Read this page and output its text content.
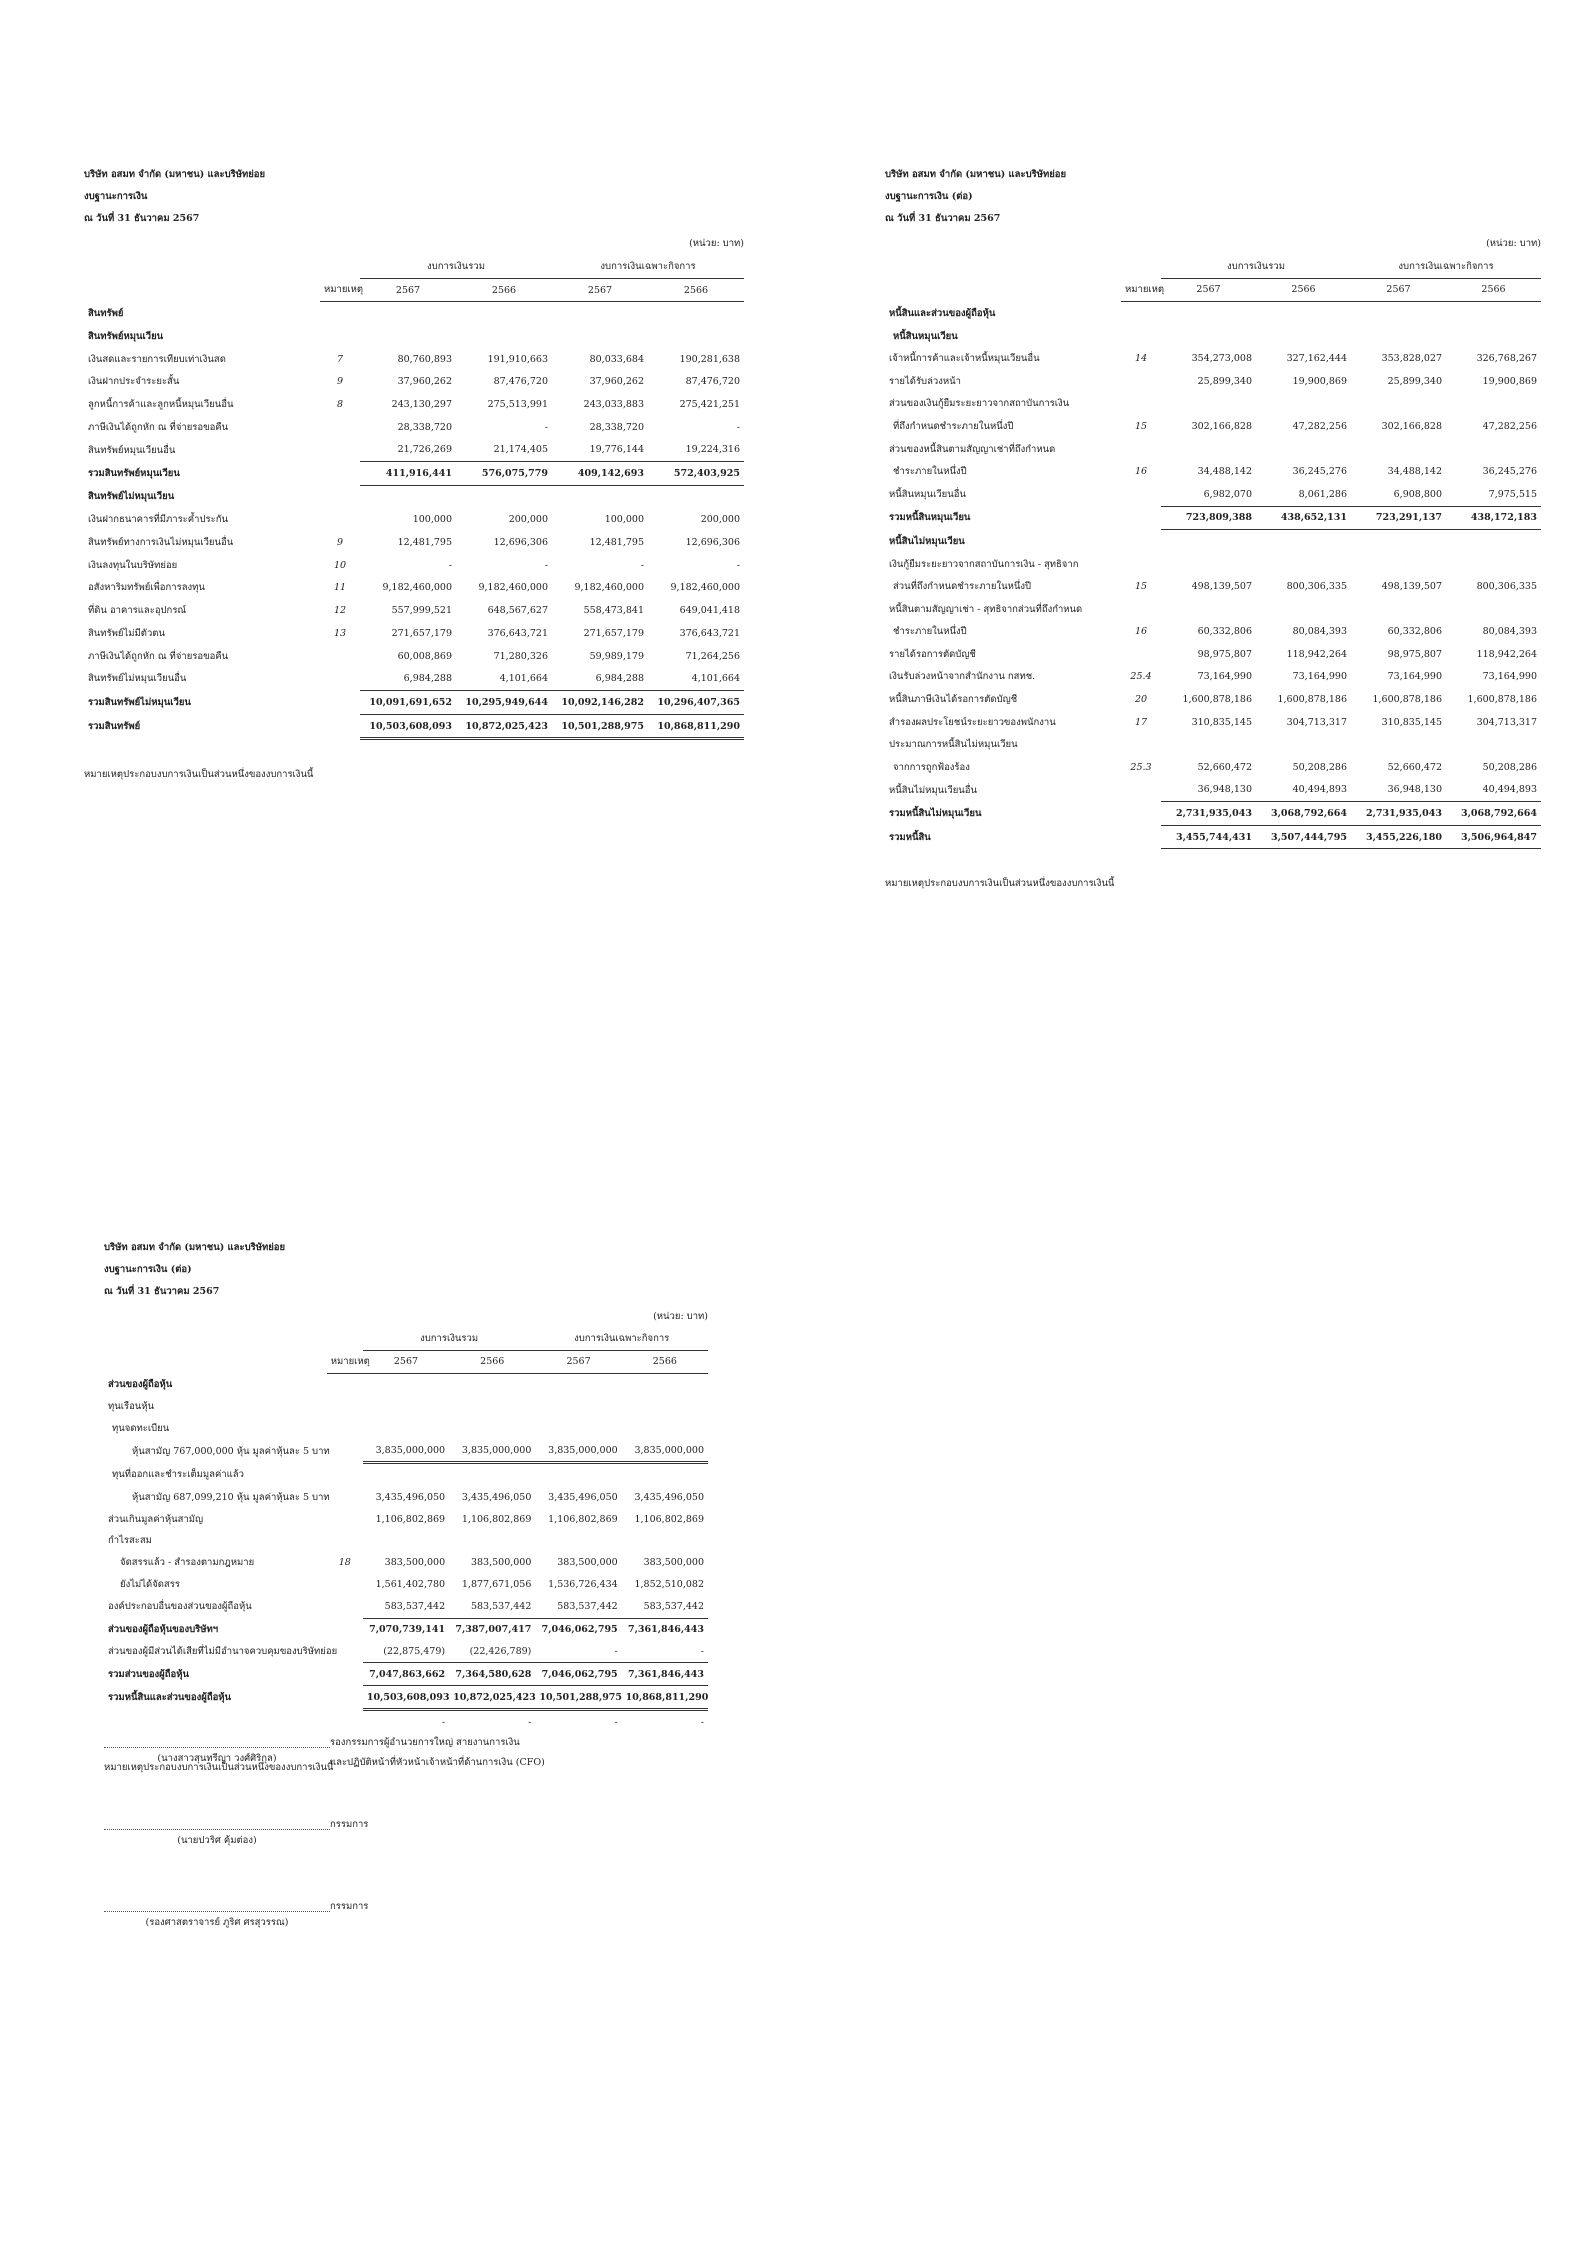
บริษัท อสมท จำกัด (มหาชน) และบริษัทย่อย
งบฐานะการเงิน
ณ วันที่ 31 ธันวาคม 2567
(หน่วย: บาท)
		งบการเงินรวม		งบการเงินเฉพาะกิจการ	
	หมายเหตุ	2567	2566	2567	2566
สินทรัพย์					
สินทรัพย์หมุนเวียน					
เงินสดและรายการเทียบเท่าเงินสด	7	80,760,893	191,910,663	80,033,684	190,281,638
เงินฝากประจำระยะสั้น	9	37,960,262	87,476,720	37,960,262	87,476,720
ลูกหนี้การค้าและลูกหนี้หมุนเวียนอื่น	8	243,130,297	275,513,991	243,033,883	275,421,251
ภาษีเงินได้ถูกหัก ณ ที่จ่ายรอขอคืน		28,338,720	-	28,338,720	-
สินทรัพย์หมุนเวียนอื่น		21,726,269	21,174,405	19,776,144	19,224,316
รวมสินทรัพย์หมุนเวียน		411,916,441	576,075,779	409,142,693	572,403,925
สินทรัพย์ไม่หมุนเวียน					
เงินฝากธนาคารที่มีภาระค้ำประกัน		100,000	200,000	100,000	200,000
สินทรัพย์ทางการเงินไม่หมุนเวียนอื่น	9	12,481,795	12,696,306	12,481,795	12,696,306
เงินลงทุนในบริษัทย่อย	10	-	-	-	-
อสังหาริมทรัพย์เพื่อการลงทุน	11	9,182,460,000	9,182,460,000	9,182,460,000	9,182,460,000
ที่ดิน อาคารและอุปกรณ์	12	557,999,521	648,567,627	558,473,841	649,041,418
สินทรัพย์ไม่มีตัวตน	13	271,657,179	376,643,721	271,657,179	376,643,721
ภาษีเงินได้ถูกหัก ณ ที่จ่ายรอขอคืน		60,008,869	71,280,326	59,989,179	71,264,256
สินทรัพย์ไม่หมุนเวียนอื่น		6,984,288	4,101,664	6,984,288	4,101,664
รวมสินทรัพย์ไม่หมุนเวียน		10,091,691,652	10,295,949,644	10,092,146,282	10,296,407,365
รวมสินทรัพย์		10,503,608,093	10,872,025,423	10,501,288,975	10,868,811,290
หมายเหตุประกอบงบการเงินเป็นส่วนหนึ่งของงบการเงินนี้
บริษัท อสมท จำกัด (มหาชน) และบริษัทย่อย
งบฐานะการเงิน (ต่อ)
ณ วันที่ 31 ธันวาคม 2567
(หน่วย: บาท)
		งบการเงินรวม		งบการเงินเฉพาะกิจการ	
	หมายเหตุ	2567	2566	2567	2566
หนี้สินและส่วนของผู้ถือหุ้น					
หนี้สินหมุนเวียน					
เจ้าหนี้การค้าและเจ้าหนี้หมุนเวียนอื่น	14	354,273,008	327,162,444	353,828,027	326,768,267
รายได้รับล่วงหน้า		25,899,340	19,900,869	25,899,340	19,900,869
ส่วนของเงินกู้ยืมระยะยาวจากสถาบันการเงิน					
ที่ถึงกำหนดชำระภายในหนึ่งปี	15	302,166,828	47,282,256	302,166,828	47,282,256
ส่วนของหนี้สินตามสัญญาเช่าที่ถึงกำหนด					
ชำระภายในหนึ่งปี	16	34,488,142	36,245,276	34,488,142	36,245,276
หนี้สินหมุนเวียนอื่น		6,982,070	8,061,286	6,908,800	7,975,515
รวมหนี้สินหมุนเวียน		723,809,388	438,652,131	723,291,137	438,172,183
หนี้สินไม่หมุนเวียน					
เงินกู้ยืมระยะยาวจากสถาบันการเงิน - สุทธิจาก					
ส่วนที่ถึงกำหนดชำระภายในหนึ่งปี	15	498,139,507	800,306,335	498,139,507	800,306,335
หนี้สินตามสัญญาเช่า - สุทธิจากส่วนที่ถึงกำหนด					
ชำระภายในหนึ่งปี	16	60,332,806	80,084,393	60,332,806	80,084,393
รายได้รอการตัดบัญชี		98,975,807	118,942,264	98,975,807	118,942,264
เงินรับล่วงหน้าจากสำนักงาน กสทช.	25.4	73,164,990	73,164,990	73,164,990	73,164,990
หนี้สินภาษีเงินได้รอการตัดบัญชี	20	1,600,878,186	1,600,878,186	1,600,878,186	1,600,878,186
สำรองผลประโยชน์ระยะยาวของพนักงาน	17	310,835,145	304,713,317	310,835,145	304,713,317
ประมาณการหนี้สินไม่หมุนเวียน					
จากการถูกฟ้องร้อง	25.3	52,660,472	50,208,286	52,660,472	50,208,286
หนี้สินไม่หมุนเวียนอื่น		36,948,130	40,494,893	36,948,130	40,494,893
รวมหนี้สินไม่หมุนเวียน		2,731,935,043	3,068,792,664	2,731,935,043	3,068,792,664
รวมหนี้สิน		3,455,744,431	3,507,444,795	3,455,226,180	3,506,964,847
หมายเหตุประกอบงบการเงินเป็นส่วนหนึ่งของงบการเงินนี้
บริษัท อสมท จำกัด (มหาชน) และบริษัทย่อย
งบฐานะการเงิน (ต่อ)
ณ วันที่ 31 ธันวาคม 2567
(หน่วย: บาท)
		งบการเงินรวม		งบการเงินเฉพาะกิจการ	
	หมายเหตุ	2567	2566	2567	2566
ส่วนของผู้ถือหุ้น					
ทุนเรือนหุ้น					
ทุนจดทะเบียน					
หุ้นสามัญ 767,000,000 หุ้น มูลค่าหุ้นละ 5 บาท		3,835,000,000	3,835,000,000	3,835,000,000	3,835,000,000
ทุนที่ออกและชำระเต็มมูลค่าแล้ว					
หุ้นสามัญ 687,099,210 หุ้น มูลค่าหุ้นละ 5 บาท		3,435,496,050	3,435,496,050	3,435,496,050	3,435,496,050
ส่วนเกินมูลค่าหุ้นสามัญ		1,106,802,869	1,106,802,869	1,106,802,869	1,106,802,869
กำไรสะสม					
จัดสรรแล้ว - สำรองตามกฎหมาย	18	383,500,000	383,500,000	383,500,000	383,500,000
ยังไม่ได้จัดสรร		1,561,402,780	1,877,671,056	1,536,726,434	1,852,510,082
องค์ประกอบอื่นของส่วนของผู้ถือหุ้น		583,537,442	583,537,442	583,537,442	583,537,442
ส่วนของผู้ถือหุ้นของบริษัทฯ		7,070,739,141	7,387,007,417	7,046,062,795	7,361,846,443
ส่วนของผู้มีส่วนได้เสียที่ไม่มีอำนาจควบคุมของบริษัทย่อย		(22,875,479)	(22,426,789)	-	-
รวมส่วนของผู้ถือหุ้น		7,047,863,662	7,364,580,628	7,046,062,795	7,361,846,443
รวมหนี้สินและส่วนของผู้ถือหุ้น		10,503,608,093	10,872,025,423	10,501,288,975	10,868,811,290
		-	-	-	-
หมายเหตุประกอบงบการเงินเป็นส่วนหนึ่งของงบการเงินนี้
(นางสาวสุนทรีญา วงศ์ศิริกุล)
รองกรรมการผู้อำนวยการใหญ่ สายงานการเงิน
และปฏิบัติหน้าที่หัวหน้าเจ้าหน้าที่ด้านการเงิน (CFO)
(นายปวริศ คุ้มต่อง)
กรรมการ
(รองศาสตราจารย์ ภูริศ ศรสุวรรณ)
กรรมการ
